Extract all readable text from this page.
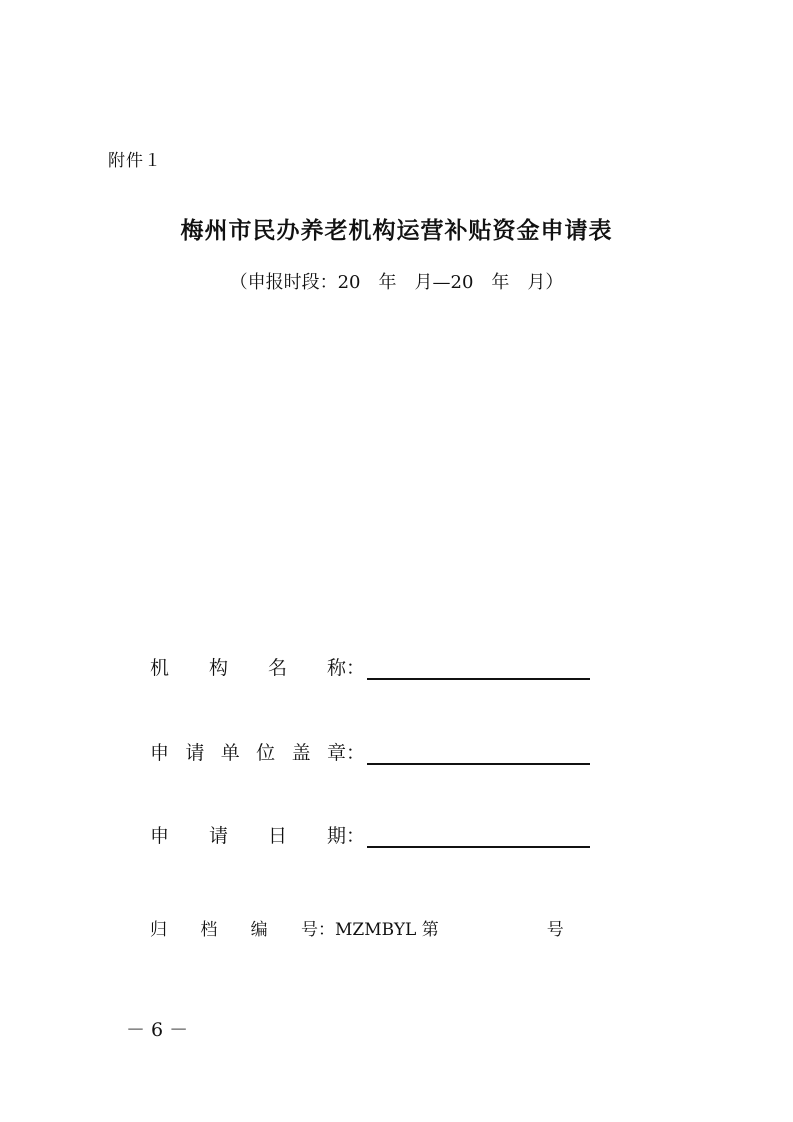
附件１
梅州市民办养老机构运营补贴资金申请表
（申报时段：20　年　月—20　年　月）
机 构 名 称 ：
申 请 单 位 盖 章 ：
申 请 日 期 ：
归 档 编 号 ： MZMBYL 第	号
－ 6 －
